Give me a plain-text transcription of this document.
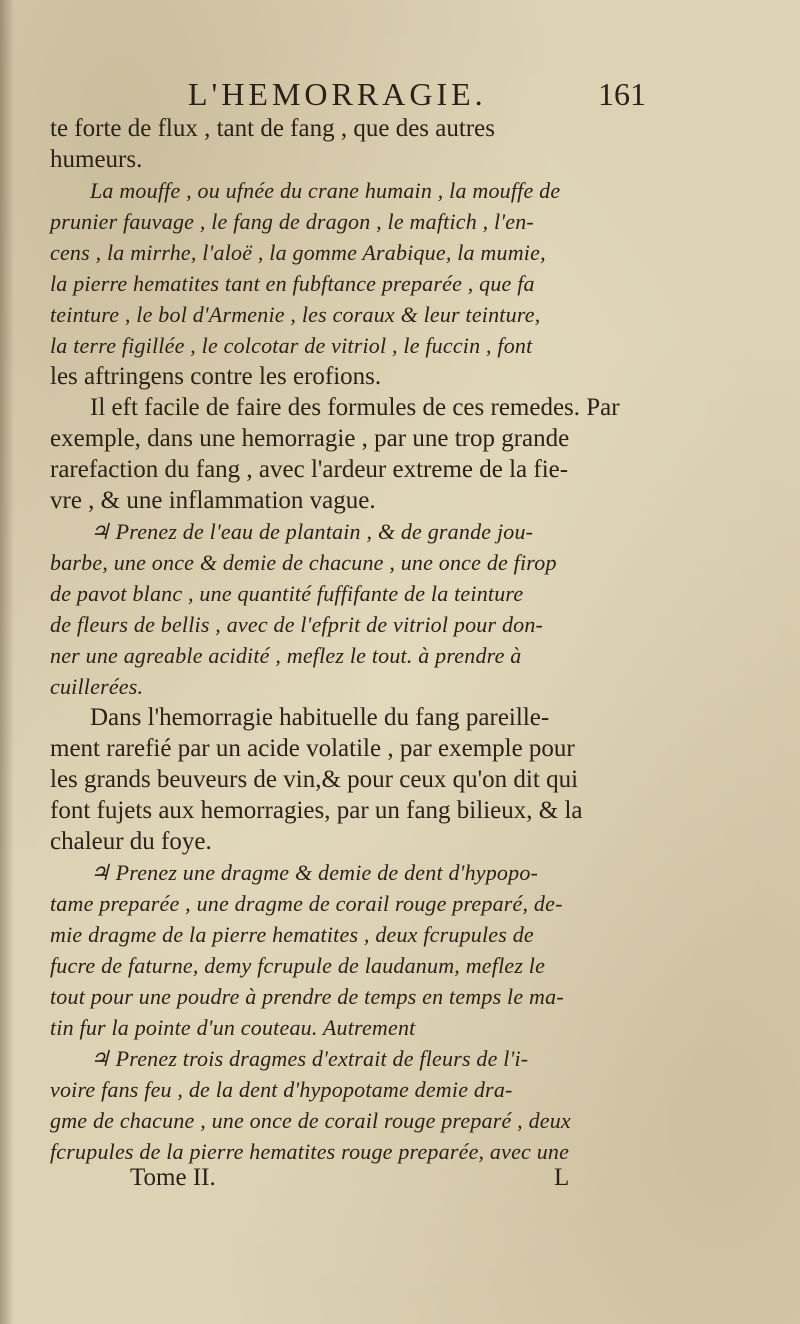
L'HEMORRAGIE.	161
te forte de flux , tant de fang , que des autres
humeurs.
La mouffe , ou ufnée du crane humain , la mouffe de
prunier fauvage , le fang de dragon , le maftich , l'en-
cens , la mirrhe, l'aloë , la gomme Arabique, la mumie,
la pierre hematites tant en fubftance preparée , que fa
teinture , le bol d'Armenie , les coraux & leur teinture,
la terre figillée , le colcotar de vitriol , le fuccin , font
les aftringens contre les erofions.
Il eft facile de faire des formules de ces remedes. Par
exemple, dans une hemorragie , par une trop grande
rarefaction du fang , avec l'ardeur extreme de la fie-
vre , & une inflammation vague.
♃ Prenez de l'eau de plantain , & de grande jou-
barbe, une once & demie de chacune , une once de firop
de pavot blanc , une quantité fuffifante de la teinture
de fleurs de bellis , avec de l'efprit de vitriol pour don-
ner une agreable acidité , meflez le tout. à prendre à
cuillerées.
Dans l'hemorragie habituelle du fang pareille-
ment rarefié par un acide volatile , par exemple pour
les grands beuveurs de vin,& pour ceux qu'on dit qui
font fujets aux hemorragies, par un fang bilieux, & la
chaleur du foye.
♃ Prenez une dragme & demie de dent d'hypopo-
tame preparée , une dragme de corail rouge preparé, de-
mie dragme de la pierre hematites , deux fcrupules de
fucre de faturne, demy fcrupule de laudanum, meflez le
tout pour une poudre à prendre de temps en temps le ma-
tin fur la pointe d'un couteau. Autrement
♃ Prenez trois dragmes d'extrait de fleurs de l'i-
voire fans feu , de la dent d'hypopotame demie dra-
gme de chacune , une once de corail rouge preparé , deux
fcrupules de la pierre hematites rouge preparée, avec une
Tome II.	L
